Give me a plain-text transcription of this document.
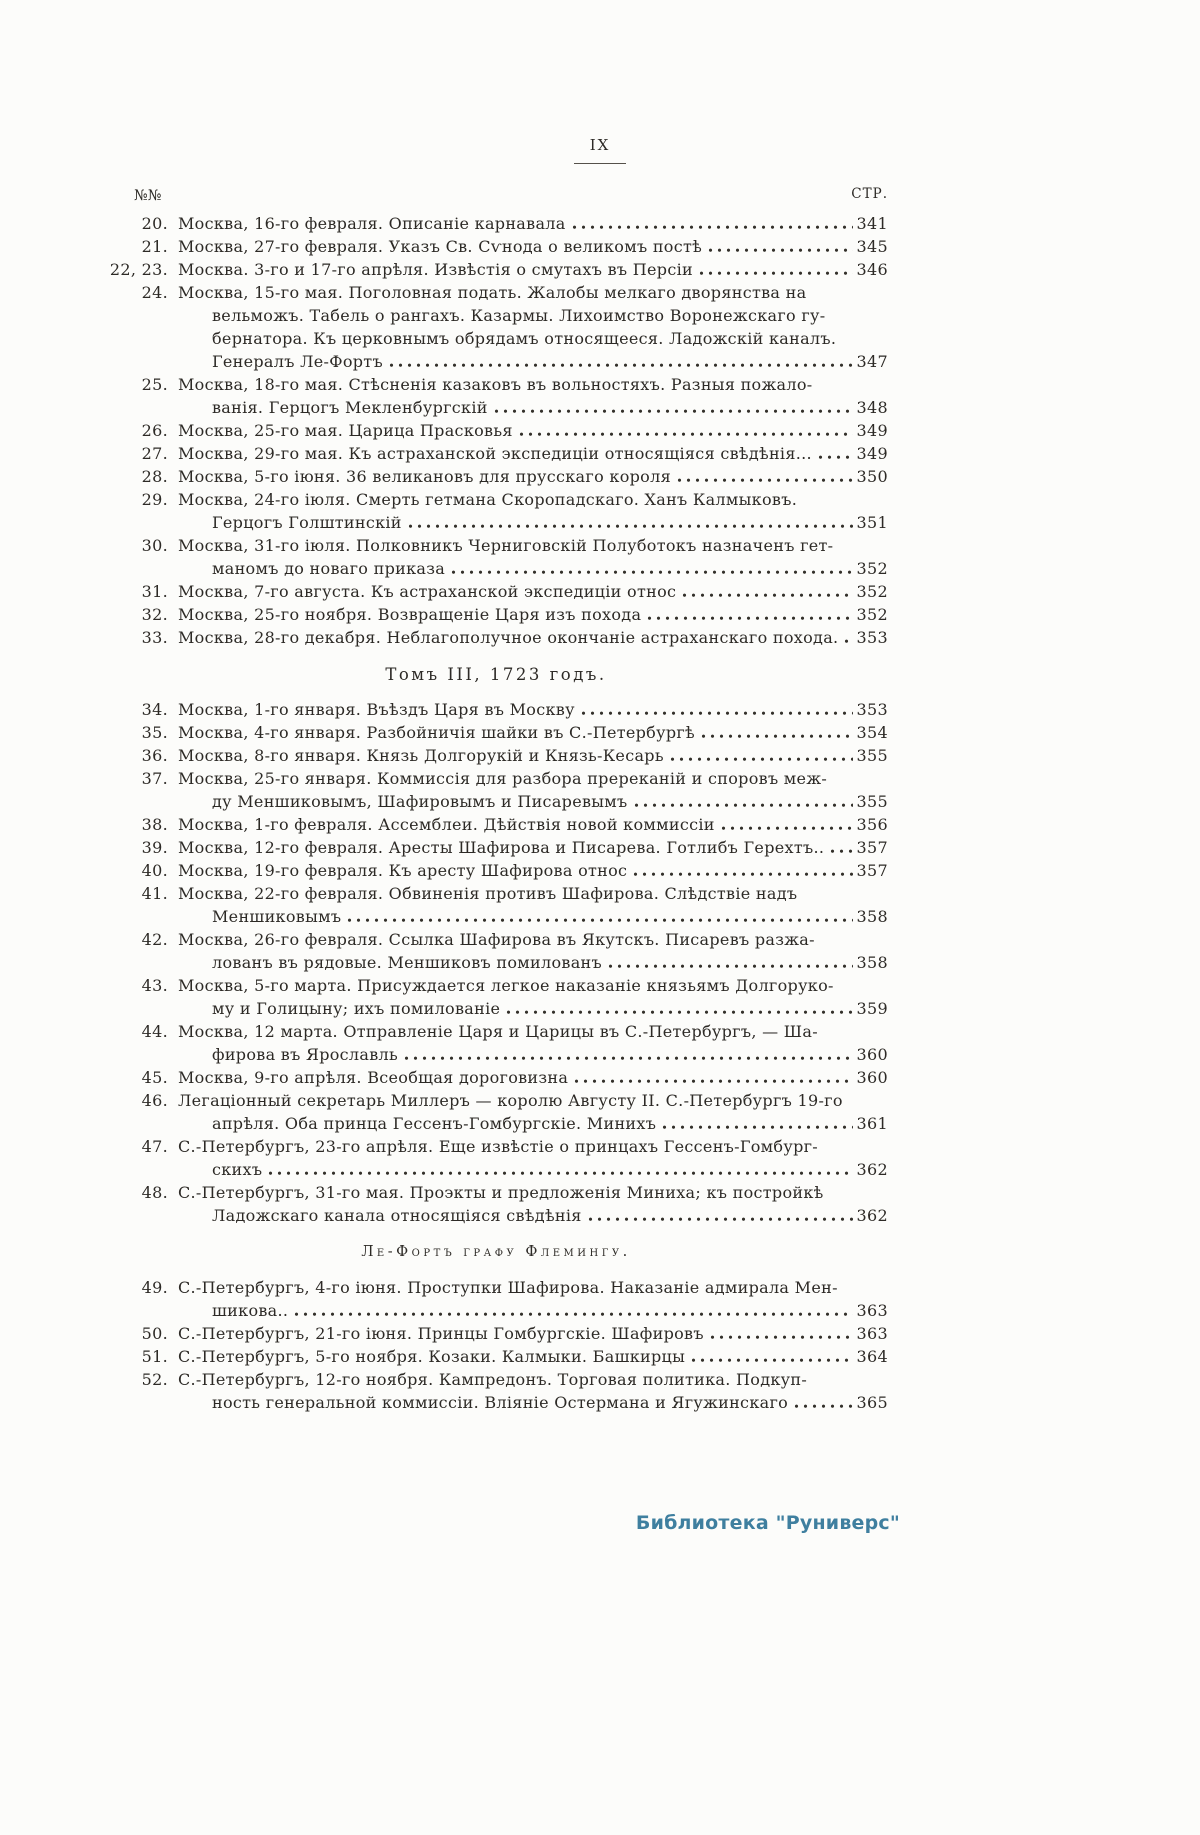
IX
№№	СТР.
20. Москва, 16-го февраля. Описаніе карнавала	341
21. Москва, 27-го февраля. Указъ Св. Сѵнода о великомъ постѣ	345
22, 23. Москва. 3-го и 17-го апрѣля. Извѣстія о смутахъ въ Персіи	346
24. Москва, 15-го мая. Поголовная подать. Жалобы мелкаго дворянства на
вельможъ. Табель о рангахъ. Казармы. Лихоимство Воронежскаго гу-
бернатора. Къ церковнымъ обрядамъ относящееся. Ладожскій каналъ.
Генералъ Ле-Фортъ	347
25. Москва, 18-го мая. Стѣсненія казаковъ въ вольностяхъ. Разныя пожало-
ванія. Герцогъ Мекленбургскій	348
26. Москва, 25-го мая. Царица Прасковья	349
27. Москва, 29-го мая. Къ астраханской экспедиціи относящіяся свѣдѣнія...	349
28. Москва, 5-го іюня. 36 великановъ для прусскаго короля	350
29. Москва, 24-го іюля. Смерть гетмана Скоропадскаго. Ханъ Калмыковъ.
Герцогъ Голштинскій	351
30. Москва, 31-го іюля. Полковникъ Черниговскій Полуботокъ назначенъ гет-
маномъ до новаго приказа	352
31. Москва, 7-го августа. Къ астраханской экспедиціи относ	352
32. Москва, 25-го ноября. Возвращеніе Царя изъ похода	352
33. Москва, 28-го декабря. Неблагополучное окончаніе астраханскаго похода. 353
Томъ III, 1723 годъ.
34. Москва, 1-го января. Въѣздъ Царя въ Москву	353
35. Москва, 4-го января. Разбойничія шайки въ С.-Петербургѣ	354
36. Москва, 8-го января. Князь Долгорукій и Князь-Кесарь	355
37. Москва, 25-го января. Коммиссія для разбора пререканій и споровъ меж-
ду Меншиковымъ, Шафировымъ и Писаревымъ	355
38. Москва, 1-го февраля. Ассемблеи. Дѣйствія новой коммиссіи	356
39. Москва, 12-го февраля. Аресты Шафирова и Писарева. Готлибъ Герехтъ.. 357
40. Москва, 19-го февраля. Къ аресту Шафирова относ	357
41. Москва, 22-го февраля. Обвиненія противъ Шафирова. Слѣдствіе надъ
Меншиковымъ	358
42. Москва, 26-го февраля. Ссылка Шафирова въ Якутскъ. Писаревъ разжа-
лованъ въ рядовые. Меншиковъ помилованъ	358
43. Москва, 5-го марта. Присуждается легкое наказаніе князьямъ Долгоруко-
му и Голицыну; ихъ помилованіе	359
44. Москва, 12 марта. Отправленіе Царя и Царицы въ С.-Петербургъ, — Ша-
фирова въ Ярославль	360
45. Москва, 9-го апрѣля. Всеобщая дороговизна	360
46. Легаціонный секретарь Миллеръ — королю Августу II. С.-Петербургъ 19-го
апрѣля. Оба принца Гессенъ-Гомбургскіе. Минихъ	361
47. С.-Петербургъ, 23-го апрѣля. Еще извѣстіе о принцахъ Гессенъ-Гомбург-
скихъ	362
48. С.-Петербургъ, 31-го мая. Проэкты и предложенія Миниха; къ постройкѣ
Ладожскаго канала относящіяся свѣдѣнія	362
Ле-Фортъ графу Флемингу.
49. С.-Петербургъ, 4-го іюня. Проступки Шафирова. Наказаніе адмирала Мен-
шикова..	363
50. С.-Петербургъ, 21-го іюня. Принцы Гомбургскіе. Шафировъ	363
51. С.-Петербургъ, 5-го ноября. Козаки. Калмыки. Башкирцы	364
52. С.-Петербургъ, 12-го ноября. Кампредонъ. Торговая политика. Подкуп-
ность генеральной коммиссіи. Вліяніе Остермана и Ягужинскаго	365
Библиотека "Руниверс"
